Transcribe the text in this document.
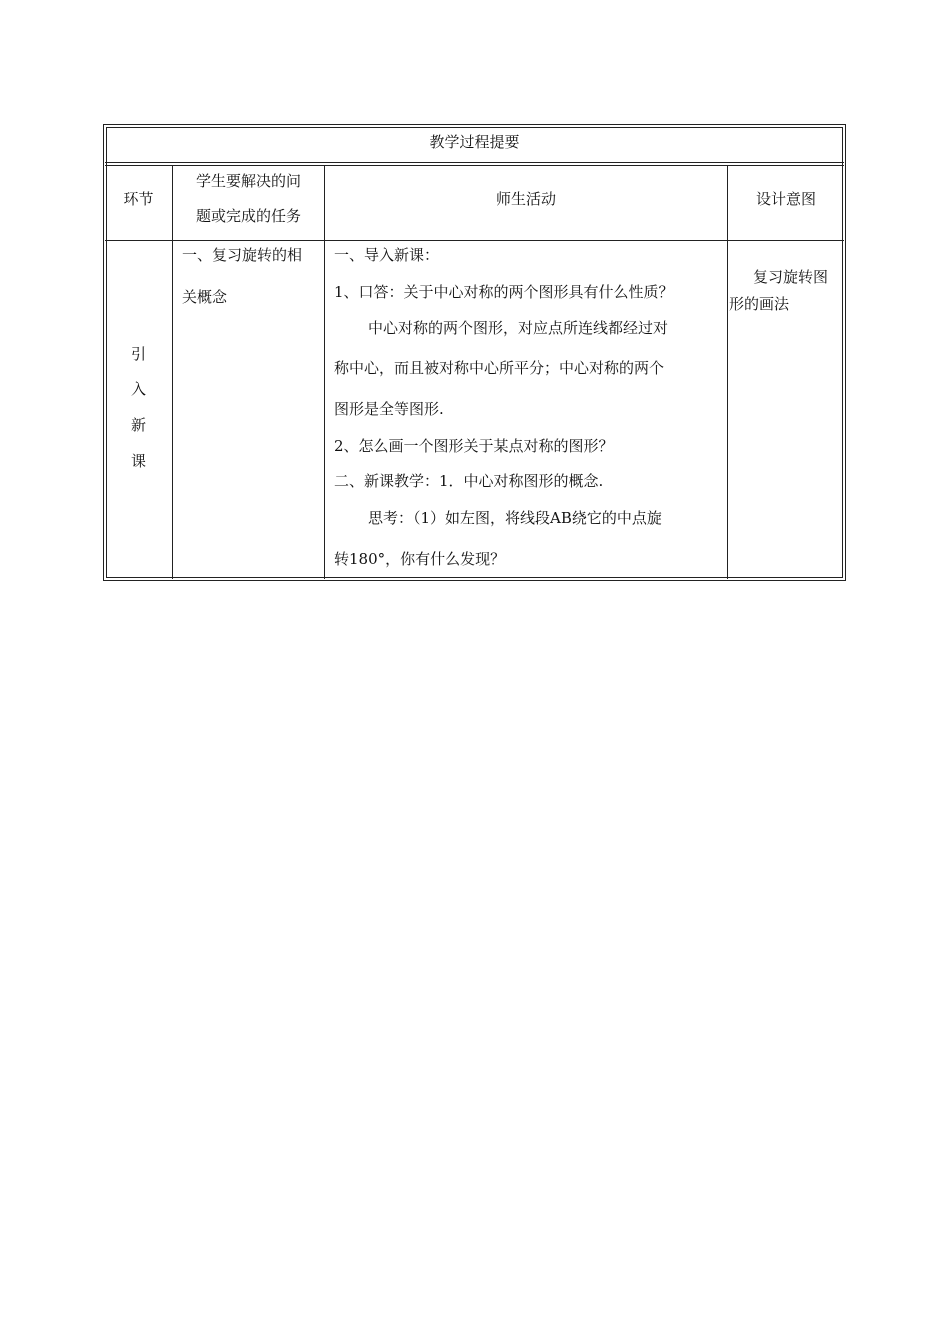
教学过程提要
环节
学生要解决的问
题或完成的任务
师生活动	设计意图
引
入
新
课
一、复习旋转的相
关概念
一、导入新课：
1、口答：关于中心对称的两个图形具有什么性质？
中心对称的两个图形，对应点所连线都经过对
称中心，而且被对称中心所平分；中心对称的两个
图形是全等图形.
2、怎么画一个图形关于某点对称的图形？
二、新课教学：1．中心对称图形的概念.
思考：（1）如左图，将线段AB绕它的中点旋
转180°，你有什么发现？
复习旋转图
形的画法
